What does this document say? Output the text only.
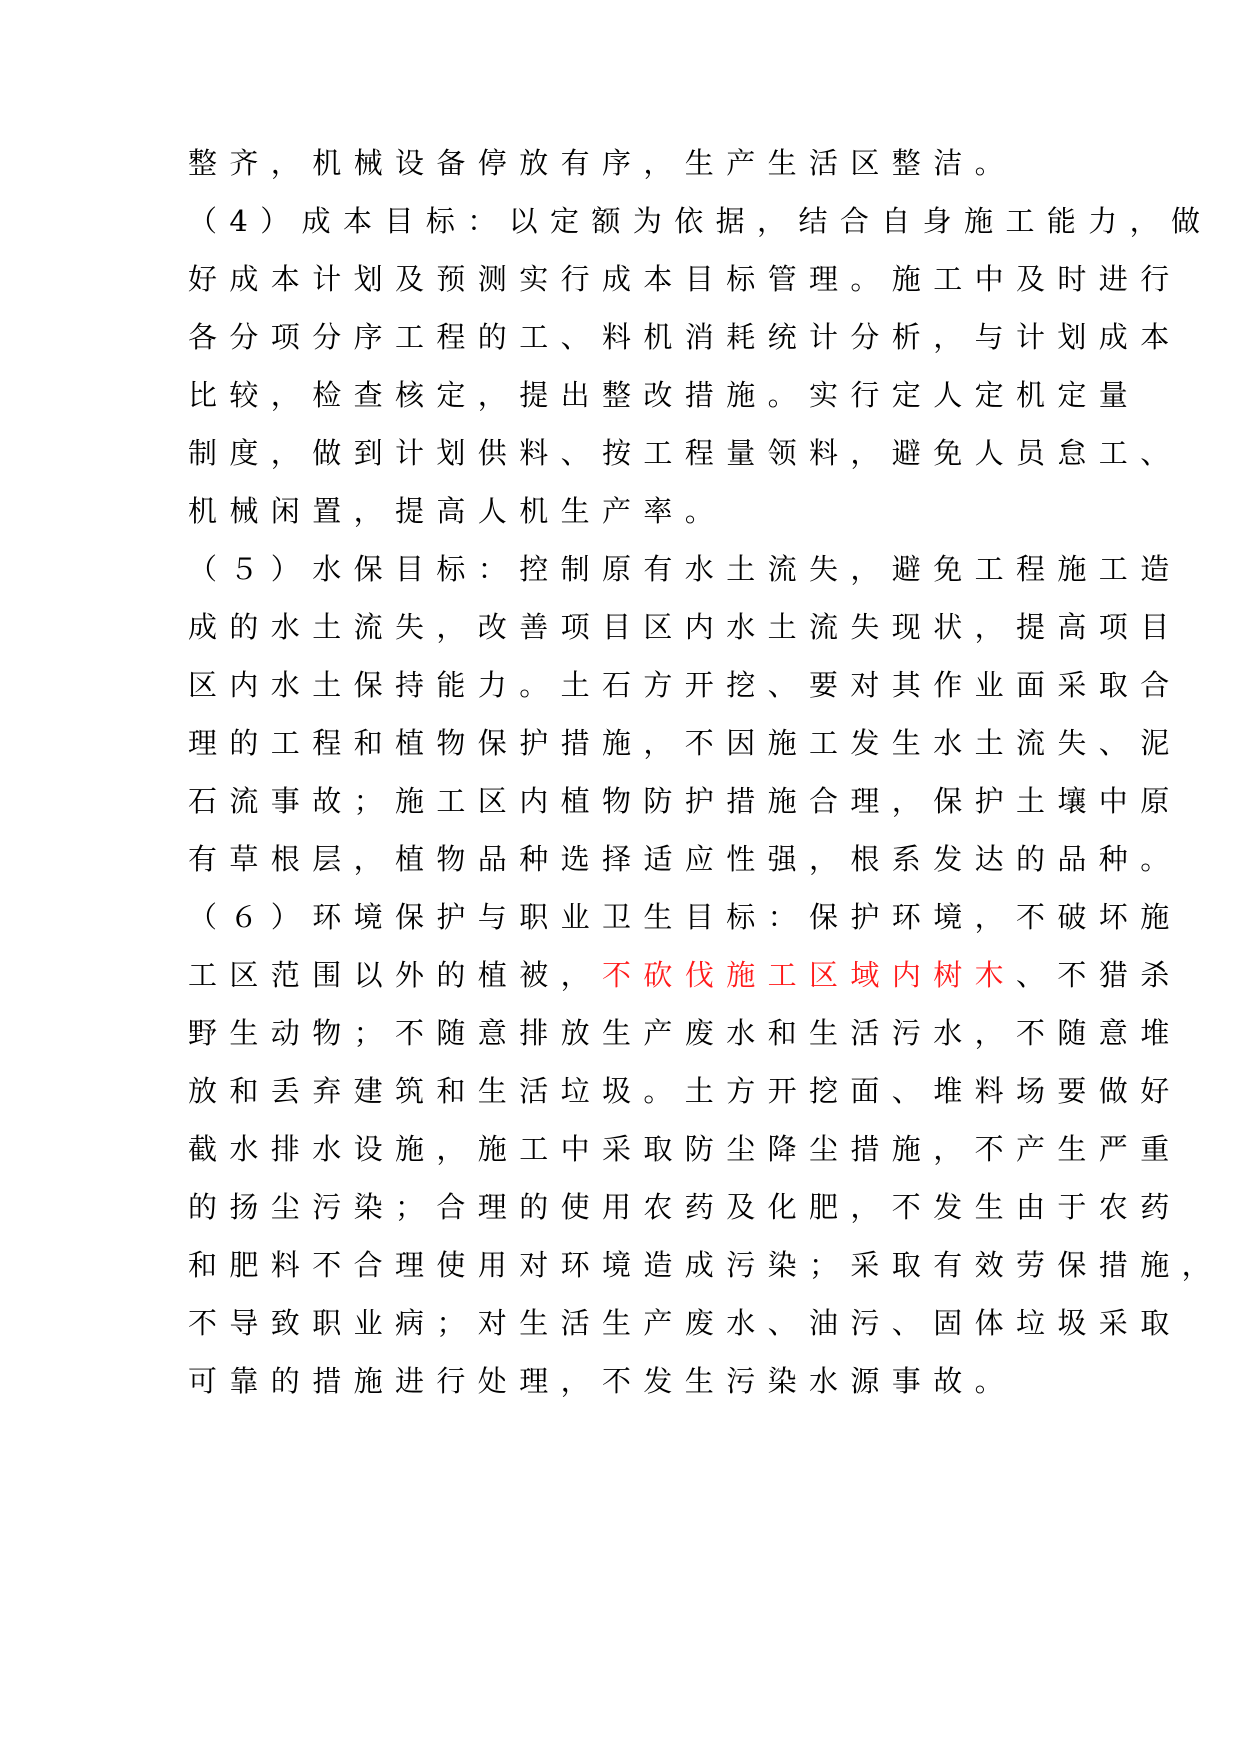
整齐，机械设备停放有序，生产生活区整洁。
（4）成本目标：以定额为依据，结合自身施工能力，做
好成本计划及预测实行成本目标管理。施工中及时进行
各分项分序工程的工、料机消耗统计分析，与计划成本
比较，检查核定，提出整改措施。实行定人定机定量
制度，做到计划供料、按工程量领料，避免人员怠工、
机械闲置，提高人机生产率。
（５）水保目标：控制原有水土流失，避免工程施工造
成的水土流失，改善项目区内水土流失现状，提高项目
区内水土保持能力。土石方开挖、要对其作业面采取合
理的工程和植物保护措施，不因施工发生水土流失、泥
石流事故；施工区内植物防护措施合理，保护土壤中原
有草根层，植物品种选择适应性强，根系发达的品种。
（６）环境保护与职业卫生目标：保护环境，不破坏施
工区范围以外的植被，不砍伐施工区域内树木、不猎杀
野生动物；不随意排放生产废水和生活污水，不随意堆
放和丢弃建筑和生活垃圾。土方开挖面、堆料场要做好
截水排水设施，施工中采取防尘降尘措施，不产生严重
的扬尘污染；合理的使用农药及化肥，不发生由于农药
和肥料不合理使用对环境造成污染；采取有效劳保措施，
不导致职业病；对生活生产废水、油污、固体垃圾采取
可靠的措施进行处理，不发生污染水源事故。
